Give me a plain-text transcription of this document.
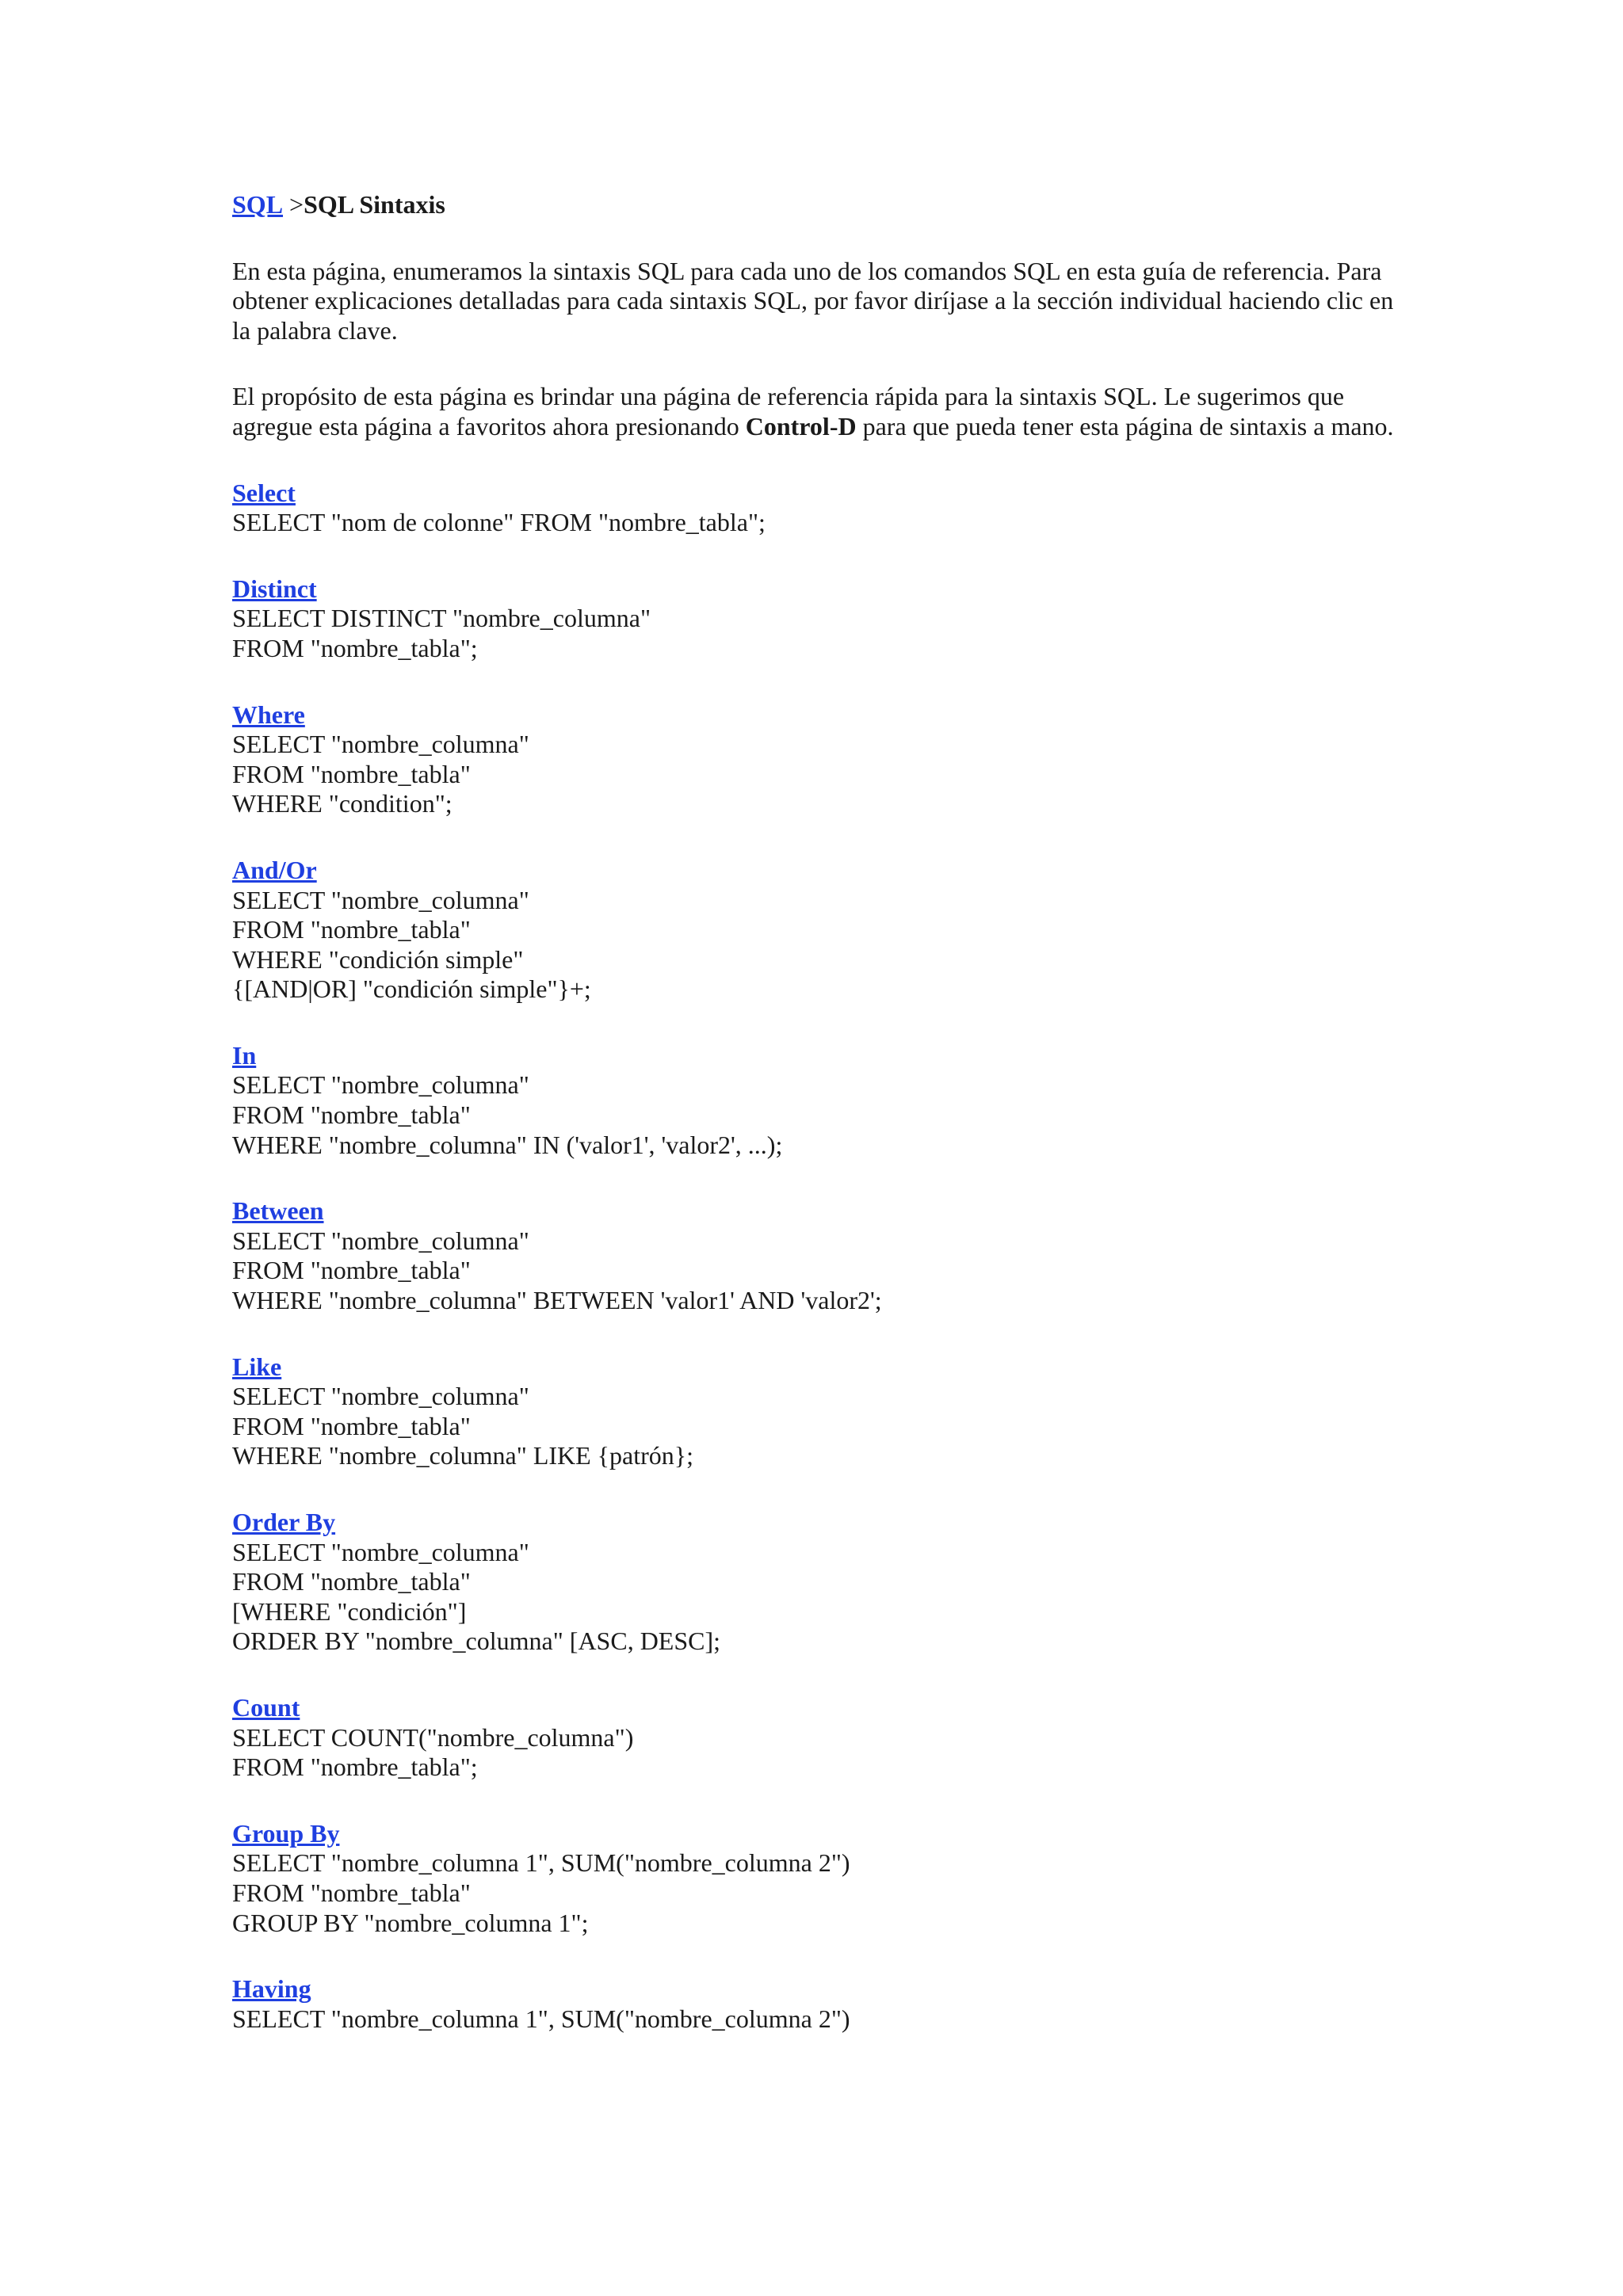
SQL >SQL Sintaxis

En esta página, enumeramos la sintaxis SQL para cada uno de los comandos SQL en esta guía de referencia. Para obtener explicaciones detalladas para cada sintaxis SQL, por favor diríjase a la sección individual haciendo clic en la palabra clave.

El propósito de esta página es brindar una página de referencia rápida para la sintaxis SQL. Le sugerimos que agregue esta página a favoritos ahora presionando Control-D para que pueda tener esta página de sintaxis a mano.

Select
SELECT "nom de colonne" FROM "nombre_tabla";
Distinct
SELECT DISTINCT "nombre_columna"
FROM "nombre_tabla";
Where
SELECT "nombre_columna"
FROM "nombre_tabla"
WHERE "condition";
And/Or
SELECT "nombre_columna"
FROM "nombre_tabla"
WHERE "condición simple"
{[AND|OR] "condición simple"}+;
In
SELECT "nombre_columna"
FROM "nombre_tabla"
WHERE "nombre_columna" IN ('valor1', 'valor2', ...);
Between
SELECT "nombre_columna"
FROM "nombre_tabla"
WHERE "nombre_columna" BETWEEN 'valor1' AND 'valor2';
Like
SELECT "nombre_columna"
FROM "nombre_tabla"
WHERE "nombre_columna" LIKE {patrón};
Order By
SELECT "nombre_columna"
FROM "nombre_tabla"
[WHERE "condición"]
ORDER BY "nombre_columna" [ASC, DESC];
Count
SELECT COUNT("nombre_columna")
FROM "nombre_tabla";
Group By
SELECT "nombre_columna 1", SUM("nombre_columna 2")
FROM "nombre_tabla"
GROUP BY "nombre_columna 1";
Having
SELECT "nombre_columna 1", SUM("nombre_columna 2")
